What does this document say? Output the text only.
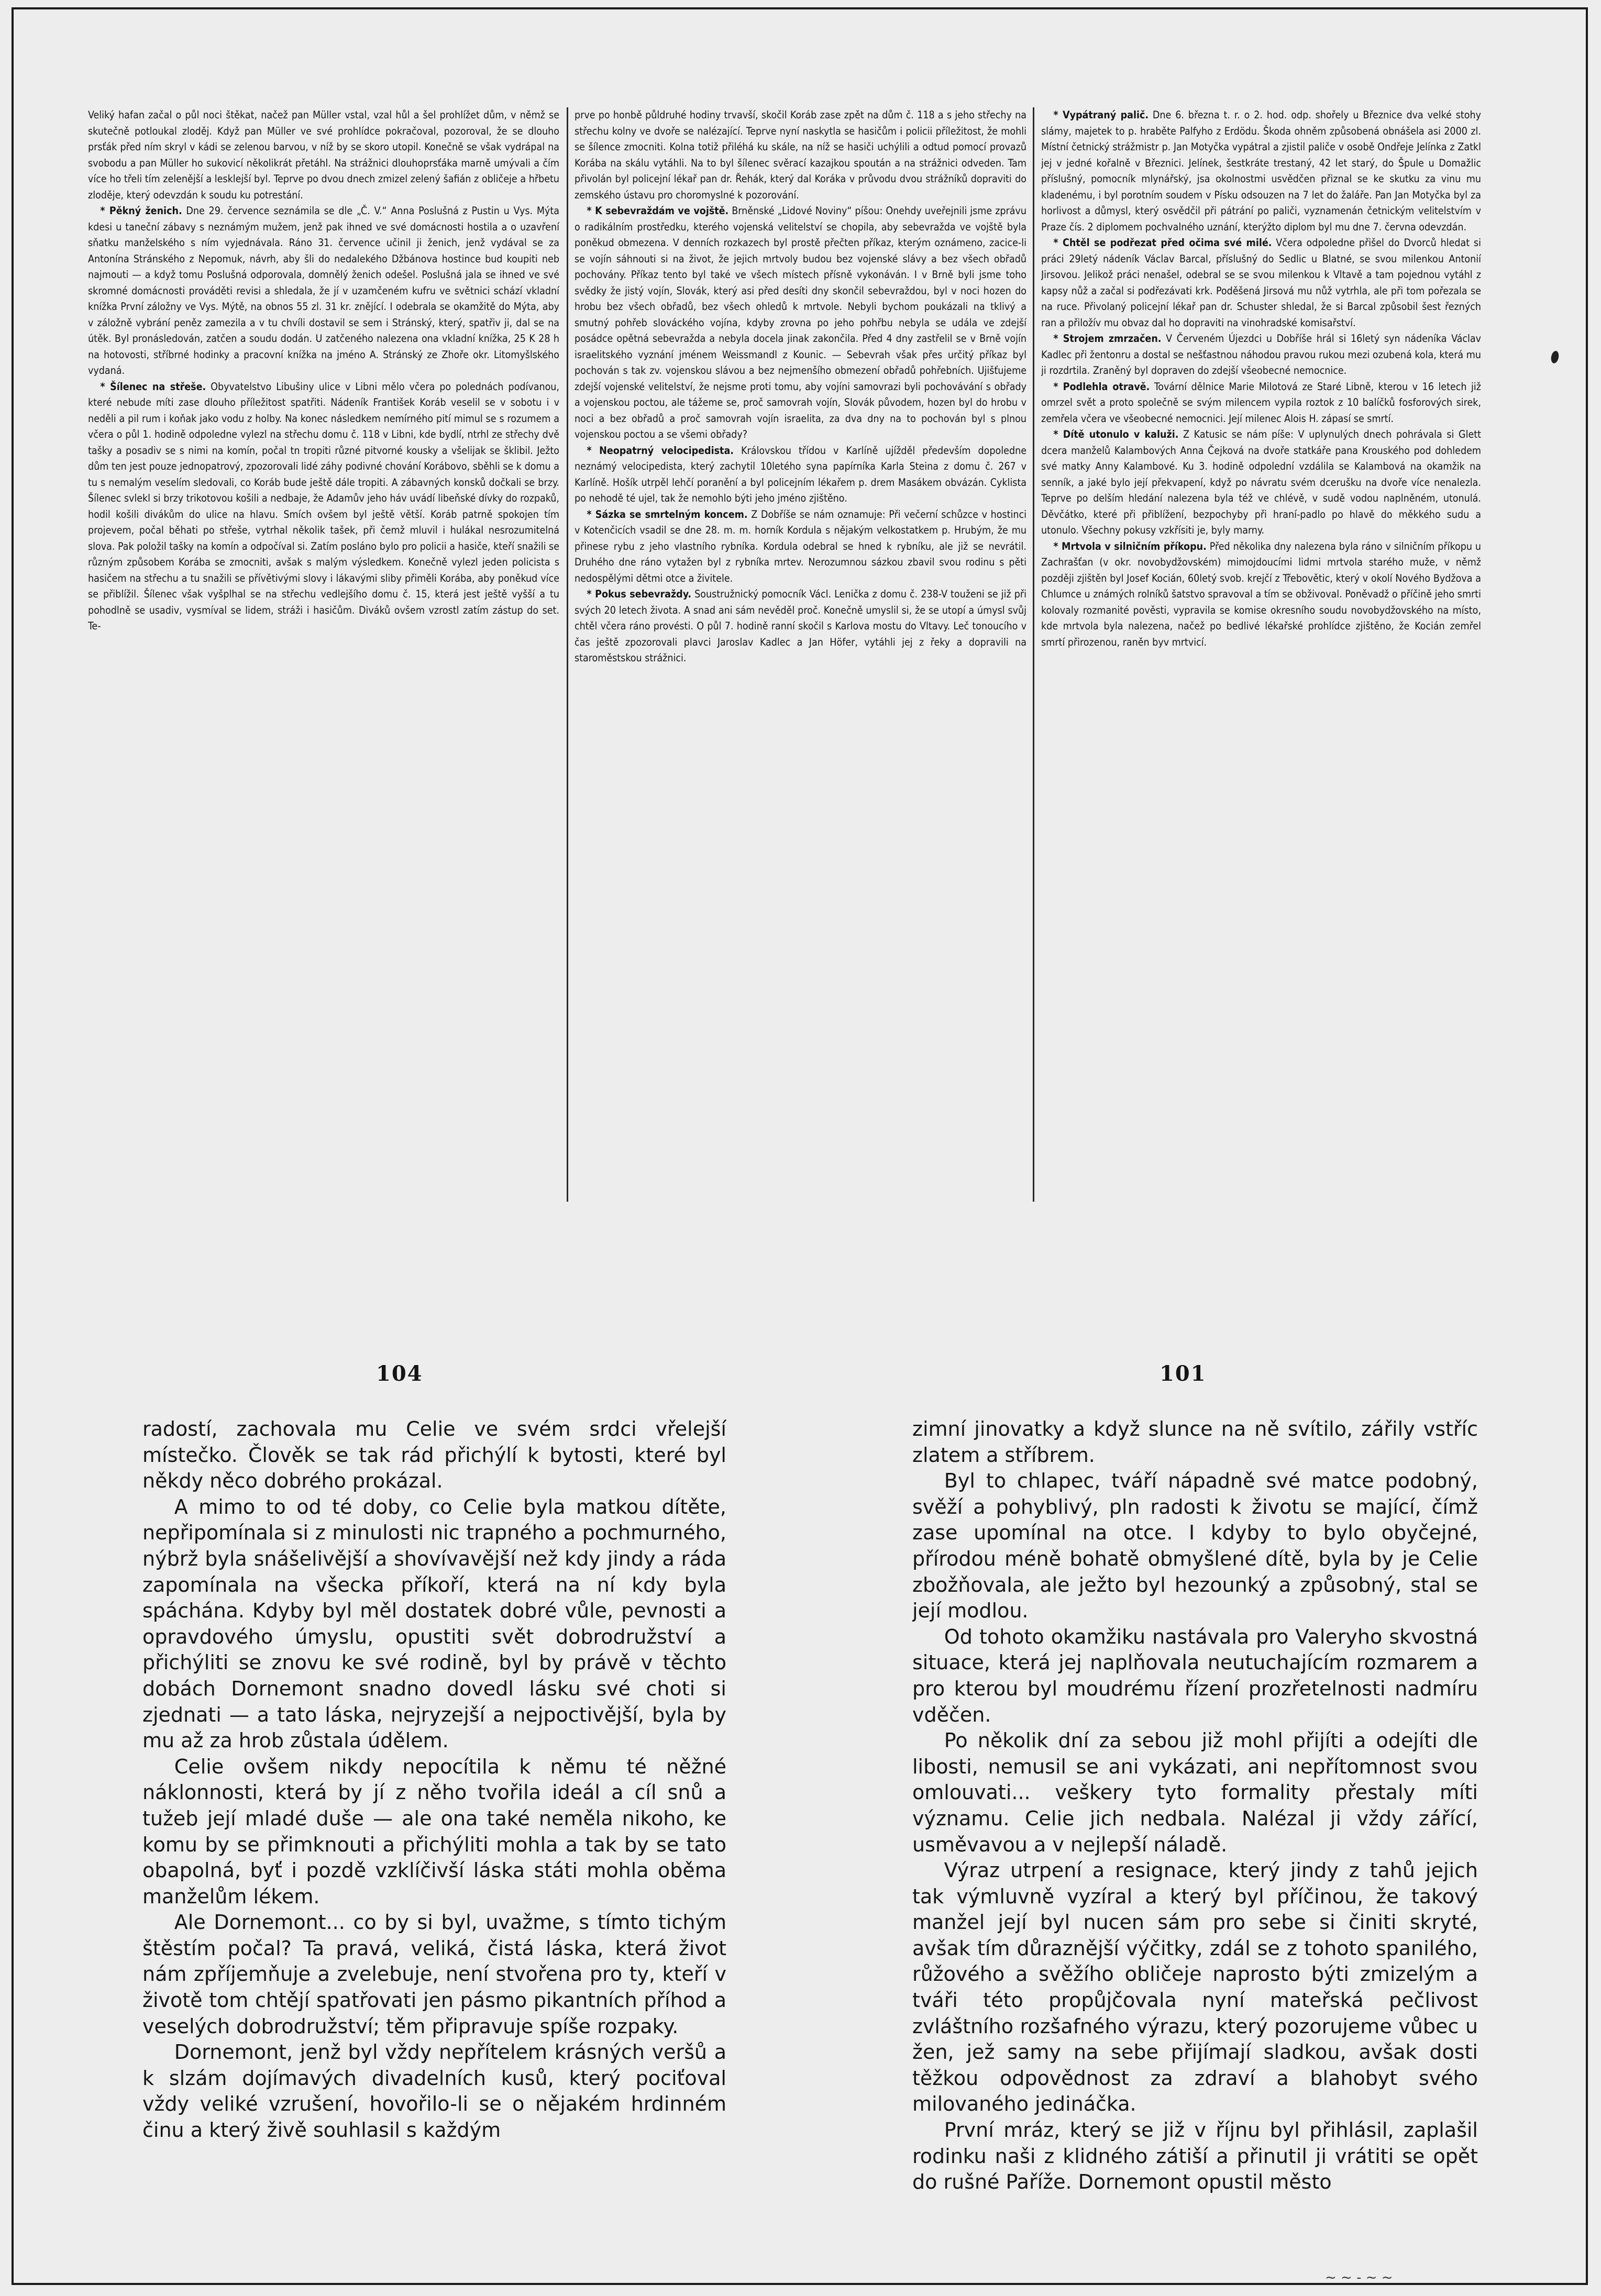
Veliký hafan začal o půl noci štěkat, načež pan Müller vstal, vzal hůl a šel prohlížet dům, v němž se skutečně potloukal zloděj. Když pan Müller ve své prohlídce pokračoval, pozoroval, že se dlouho prsťák před ním skryl v kádi se zelenou barvou, v níž by se skoro utopil. Konečně se však vydrápal na svobodu a pan Müller ho sukovicí několikrát přetáhl. Na strážnici dlouhoprsťáka marně umývali a čím více ho třeli tím zelenější a lesklejší byl. Teprve po dvou dnech zmizel zelený šafián z obličeje a hřbetu zloděje, který odevzdán k soudu ku potrestání.

* Pěkný ženich. Dne 29. července seznámila se dle „Č. V.“ Anna Poslušná z Pustin u Vys. Mýta kdesi u taneční zábavy s neznámým mužem, jenž pak ihned ve své domácnosti hostila a o uzavření sňatku manželského s ním vyjednávala. Ráno 31. července učinil ji ženich, jenž vydával se za Antonína Stránského z Nepomuk, návrh, aby šli do nedalekého Džbánova hostince bud koupiti neb najmouti — a když tomu Poslušná odporovala, domnělý ženich odešel. Poslušná jala se ihned ve své skromné domácnosti prováděti revisi a shledala, že jí v uzamčeném kufru ve světnici schází vkladní knížka První záložny ve Vys. Mýtě, na obnos 55 zl. 31 kr. znějící. I odebrala se okamžitě do Mýta, aby v záložně vybrání peněz zamezila a v tu chvíli dostavil se sem i Stránský, který, spatřiv ji, dal se na útěk. Byl pronásledován, zatčen a soudu dodán. U zatčeného nalezena ona vkladní knížka, 25 K 28 h na hotovosti, stříbrné hodinky a pracovní knížka na jméno A. Stránský ze Zhoře okr. Litomyšlského vydaná.

* Šílenec na střeše. Obyvatelstvo Libušiny ulice v Libni mělo včera po polednách podívanou, které nebude míti zase dlouho příležitost spatřiti. Nádeník František Koráb veselil se v sobotu i v neděli a pil rum i koňak jako vodu z holby. Na konec následkem nemírného pití mimul se s rozumem a včera o půl 1. hodině odpoledne vylezl na střechu domu č. 118 v Libni, kde bydlí, ntrhl ze střechy dvě tašky a posadiv se s nimi na komín, počal tn tropiti různé pitvorné kousky a všelijak se šklibil. Ježto dům ten jest pouze jednopatrový, zpozorovali lidé záhy podivné chování Korábovo, sběhli se k domu a tu s nemalým veselím sledovali, co Koráb bude ještě dále tropiti. A zábavných konsků dočkali se brzy. Šílenec svlekl si brzy trikotovou košili a nedbaje, že Adamův jeho háv uvádí libeňské dívky do rozpaků, hodil košili divákům do ulice na hlavu. Smích ovšem byl ještě větší. Koráb patrně spokojen tím projevem, počal běhati po střeše, vytrhal několik tašek, při čemž mluvil i hulákal nesrozumitelná slova. Pak položil tašky na komín a odpočíval si. Zatím posláno bylo pro policii a hasiče, kteří snažili se různým způsobem Korába se zmocniti, avšak s malým výsledkem. Konečně vylezl jeden policista s hasičem na střechu a tu snažili se přívětivými slovy i lákavými sliby přiměli Korába, aby poněkud více se přiblížil. Šílenec však vyšplhal se na střechu vedlejšího domu č. 15, která jest ještě vyšší a tu pohodlně se usadiv, vysmíval se lidem, stráži i hasičům. Diváků ovšem vzrostl zatím zástup do set. Te-

prve po honbě půldruhé hodiny trvavší, skočil Koráb zase zpět na dům č. 118 a s jeho střechy na střechu kolny ve dvoře se nalézající. Teprve nyní naskytla se hasičům i policii příležitost, že mohli se šílence zmocniti. Kolna totiž přiléhá ku skále, na níž se hasiči uchýlili a odtud pomocí provazů Korába na skálu vytáhli. Na to byl šílenec svěrací kazajkou spoután a na strážnici odveden. Tam přivolán byl policejní lékař pan dr. Řehák, který dal Koráka v průvodu dvou strážníků dopraviti do zemského ústavu pro choromyslné k pozorování.

* K sebevraždám ve vojště. Brněnské „Lidové Noviny“ píšou: Onehdy uveřejnili jsme zprávu o radikálním prostředku, kterého vojenská velitelství se chopila, aby sebevražda ve vojště byla poněkud obmezena. V denních rozkazech byl prostě přečten příkaz, kterým oznámeno, zacice-li se vojín sáhnouti si na život, že jejich mrtvoly budou bez vojenské slávy a bez všech obřadů pochovány. Příkaz tento byl také ve všech místech přísně vykonáván. I v Brně byli jsme toho svědky že jistý vojín, Slovák, který asi před desíti dny skončil sebevraždou, byl v noci hozen do hrobu bez všech obřadů, bez všech ohledů k mrtvole. Nebyli bychom poukázali na tklivý a smutný pohřeb slováckého vojína, kdyby zrovna po jeho pohřbu nebyla se udála ve zdejší posádce opětná sebevražda a nebyla docela jinak zakončila. Před 4 dny zastřelil se v Brně vojín israelitského vyznání jménem Weissmandl z Kounic. — Sebevrah však přes určitý příkaz byl pochován s tak zv. vojenskou slávou a bez nejmenšího obmezení obřadů pohřebních. Ujišťujeme zdejší vojenské velitelství, že nejsme proti tomu, aby vojíni samovrazi byli pochovávání s obřady a vojenskou poctou, ale tážeme se, proč samovrah vojín, Slovák původem, hozen byl do hrobu v noci a bez obřadů a proč samovrah vojín israelita, za dva dny na to pochován byl s plnou vojenskou poctou a se všemi obřady?

* Neopatrný velocipedista. Královskou třídou v Karlíně ujížděl především dopoledne neznámý velocipedista, který zachytil 10letého syna papírníka Karla Steina z domu č. 267 v Karlíně. Hošík utrpěl lehčí poranění a byl policejním lékařem p. drem Masákem obvázán. Cyklista po nehodě té ujel, tak že nemohlo býti jeho jméno zjištěno.

* Sázka se smrtelným koncem. Z Dobříše se nám oznamuje: Při večerní schůzce v hostinci v Kotenčicích vsadil se dne 28. m. m. horník Kordula s nějakým velkostatkem p. Hrubým, že mu přinese rybu z jeho vlastního rybníka. Kordula odebral se hned k rybníku, ale již se nevrátil. Druhého dne ráno vytažen byl z rybníka mrtev. Nerozumnou sázkou zbavil svou rodinu s pěti nedospělými dětmi otce a živitele.

* Pokus sebevraždy. Soustružnický pomocník Václ. Lenička z domu č. 238-V touženi se již při svých 20 letech života. A snad ani sám nevěděl proč. Konečně umyslil si, že se utopí a úmysl svůj chtěl včera ráno provésti. O půl 7. hodině ranní skočil s Karlova mostu do Vltavy. Leč tonoucího v čas ještě zpozorovali plavci Jaroslav Kadlec a Jan Höfer, vytáhli jej z řeky a dopravili na staroměstskou strážnici.

* Vypátraný palič. Dne 6. března t. r. o 2. hod. odp. shořely u Březnice dva velké stohy slámy, majetek to p. hraběte Palfyho z Erdödu. Škoda ohněm způsobená obnášela asi 2000 zl. Místní četnický strážmistr p. Jan Motyčka vypátral a zjistil paliče v osobě Ondřeje Jelínka z Zatkl jej v jedné kořalně v Březnici. Jelínek, šestkráte trestaný, 42 let starý, do Špule u Domažlic příslušný, pomocník mlynářský, jsa okolnostmi usvědčen přiznal se ke skutku za vinu mu kladenému, i byl porotním soudem v Písku odsouzen na 7 let do žaláře. Pan Jan Motyčka byl za horlivost a důmysl, který osvědčil při pátrání po paliči, vyznamenán četnickým velitelstvím v Praze čís. 2 diplomem pochvalného uznání, kterýžto diplom byl mu dne 7. června odevzdán.

* Chtěl se podřezat před očima své milé. Včera odpoledne přišel do Dvorců hledat si práci 29letý nádeník Václav Barcal, příslušný do Sedlic u Blatné, se svou milenkou Antonií Jirsovou. Jelikož práci nenašel, odebral se se svou milenkou k Vltavě a tam pojednou vytáhl z kapsy nůž a začal si podřezávati krk. Poděšená Jirsová mu nůž vytrhla, ale při tom pořezala se na ruce. Přivolaný policejní lékař pan dr. Schuster shledal, že si Barcal způsobil šest řezných ran a přiložív mu obvaz dal ho dopraviti na vinohradské komisařství.

* Strojem zmrzačen. V Červeném Újezdci u Dobříše hrál si 16letý syn nádeníka Václav Kadlec při žentonru a dostal se nešťastnou náhodou pravou rukou mezi ozubená kola, která mu ji rozdrtila. Zraněný byl dopraven do zdejší všeobecné nemocnice.

* Podlehla otravě. Tovární dělnice Marie Milotová ze Staré Libně, kterou v 16 letech již omrzel svět a proto společně se svým milencem vypila roztok z 10 balíčků fosforových sirek, zemřela včera ve všeobecné nemocnici. Její milenec Alois H. zápasí se smrtí.

* Dítě utonulo v kaluži. Z Katusic se nám píše: V uplynulých dnech pohrávala si Glett dcera manželů Kalambových Anna Čejková na dvoře statkáře pana Krouského pod dohledem své matky Anny Kalambové. Ku 3. hodině odpolední vzdálila se Kalambová na okamžik na senník, a jaké bylo její překvapení, když po návratu svém dcerušku na dvoře více nenalezla. Teprve po delším hledání nalezena byla též ve chlévě, v sudě vodou naplněném, utonulá. Děvčátko, které při přiblížení, bezpochyby při hraní-padlo po hlavě do měkkého sudu a utonulo. Všechny pokusy vzkřísiti je, byly marny.

* Mrtvola v silničním příkopu. Před několika dny nalezena byla ráno v silničním příkopu u Zachrašťan (v okr. novobydžovském) mimojdoucími lidmi mrtvola starého muže, v němž později zjištěn byl Josef Kocián, 60letý svob. krejčí z Třebovětic, který v okolí Nového Bydžova a Chlumce u známých rolníků šatstvo spravoval a tím se obživoval. Poněvadž o příčině jeho smrti kolovaly rozmanité pověsti, vypravila se komise okresního soudu novobydžovského na místo, kde mrtvola byla nalezena, načež po bedlivé lékařské prohlídce zjištěno, že Kocián zemřel smrtí přirozenou, raněn byv mrtvicí.

104	101

radostí, zachovala mu Celie ve svém srdci vřelejší místečko. Člověk se tak rád přichýlí k bytosti, které byl někdy něco dobrého prokázal.

A mimo to od té doby, co Celie byla matkou dítěte, nepřipomínala si z minulosti nic trapného a pochmurného, nýbrž byla snášelivější a shovívavější než kdy jindy a ráda zapomínala na všecka příkoří, která na ní kdy byla spáchána. Kdyby byl měl dostatek dobré vůle, pevnosti a opravdového úmyslu, opustiti svět dobrodružství a přichýliti se znovu ke své rodině, byl by právě v těchto dobách Dornemont snadno dovedl lásku své choti si zjednati — a tato láska, nejryzejší a nejpoctivější, byla by mu až za hrob zůstala údělem.

Celie ovšem nikdy nepocítila k němu té něžné náklonnosti, která by jí z něho tvořila ideál a cíl snů a tužeb její mladé duše — ale ona také neměla nikoho, ke komu by se přimknouti a přichýliti mohla a tak by se tato obapolná, byť i pozdě vzklíčivší láska státi mohla oběma manželům lékem.

Ale Dornemont... co by si byl, uvažme, s tímto tichým štěstím počal? Ta pravá, veliká, čistá láska, která život nám zpříjemňuje a zvelebuje, není stvořena pro ty, kteří v životě tom chtějí spatřovati jen pásmo pikantních příhod a veselých dobrodružství; těm připravuje spíše rozpaky.

Dornemont, jenž byl vždy nepřítelem krásných veršů a k slzám dojímavých divadelních kusů, který pociťoval vždy veliké vzrušení, hovořilo-li se o nějakém hrdinném činu a který živě souhlasil s každým

zimní jinovatky a když slunce na ně svítilo, zářily vstříc zlatem a stříbrem.

Byl to chlapec, tváří nápadně své matce podobný, svěží a pohyblivý, pln radosti k životu se mající, čímž zase upomínal na otce. I kdyby to bylo obyčejné, přírodou méně bohatě obmyšlené dítě, byla by je Celie zbožňovala, ale ježto byl hezounký a způsobný, stal se její modlou.

Od tohoto okamžiku nastávala pro Valeryho skvostná situace, která jej naplňovala neutuchajícím rozmarem a pro kterou byl moudrému řízení prozřetelnosti nadmíru vděčen.

Po několik dní za sebou již mohl přijíti a odejíti dle libosti, nemusil se ani vykázati, ani nepřítomnost svou omlouvati... veškery tyto formality přestaly míti významu. Celie jich nedbala. Nalézal ji vždy zářící, usměvavou a v nejlepší náladě.

Výraz utrpení a resignace, který jindy z tahů jejich tak výmluvně vyzíral a který byl příčinou, že takový manžel její byl nucen sám pro sebe si činiti skryté, avšak tím důraznější výčitky, zdál se z tohoto spanilého, růžového a svěžího obličeje naprosto býti zmizelým a tváři této propůjčovala nyní mateřská pečlivost zvláštního rozšafného výrazu, který pozorujeme vůbec u žen, jež samy na sebe přijímají sladkou, avšak dosti těžkou odpovědnost za zdraví a blahobyt svého milovaného jedináčka.

První mráz, který se již v říjnu byl přihlásil, zaplašil rodinku naši z klidného zátiší a přinutil ji vrátiti se opět do rušné Paříže. Dornemont opustil město

~ ~ - ~ ~
